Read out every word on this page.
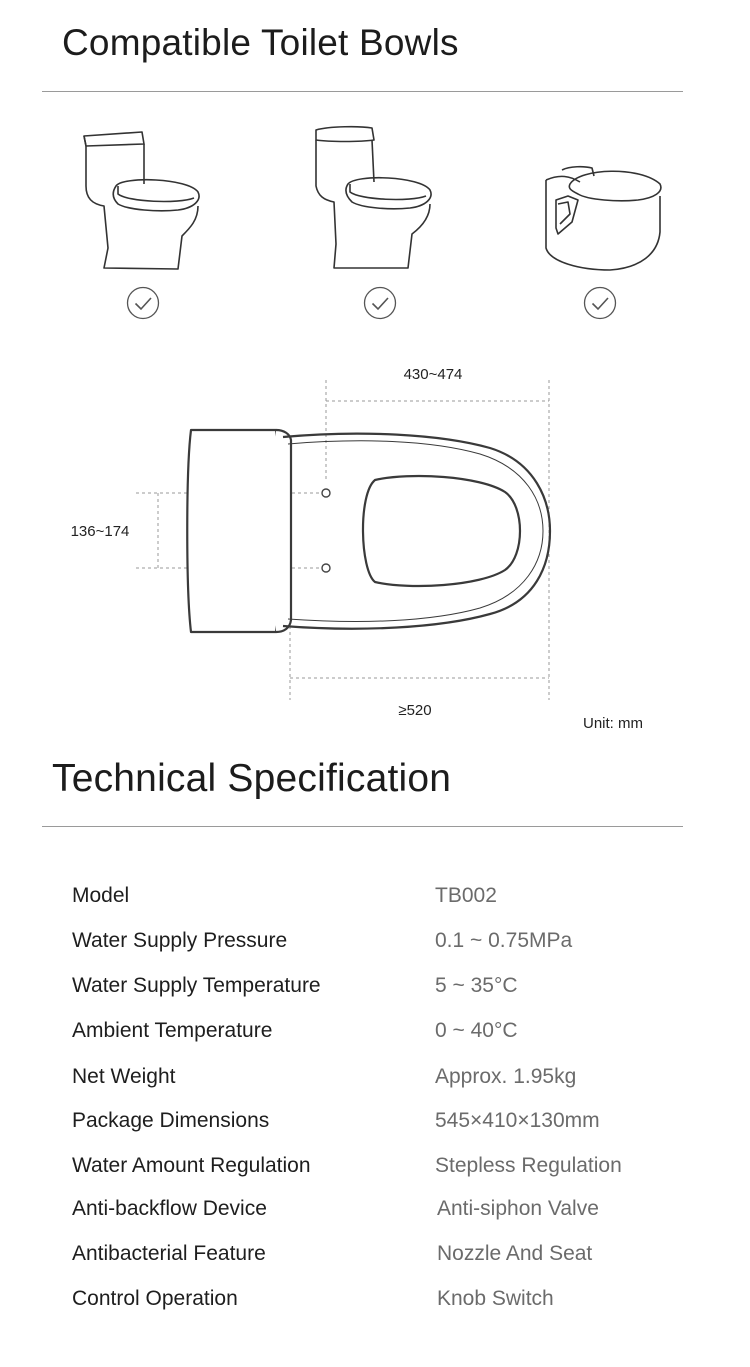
Compatible Toilet Bowls
430~474
136~174
≥520
Unit: mm
Technical Specification
Model	TB002
Water Supply Pressure	0.1 ~ 0.75MPa
Water Supply Temperature	5 ~ 35°C
Ambient Temperature	0 ~ 40°C
Net Weight	Approx. 1.95kg
Package Dimensions	545×410×130mm
Water Amount Regulation	Stepless Regulation
Anti-backflow Device	Anti-siphon Valve
Antibacterial Feature	Nozzle And Seat
Control Operation	Knob Switch
